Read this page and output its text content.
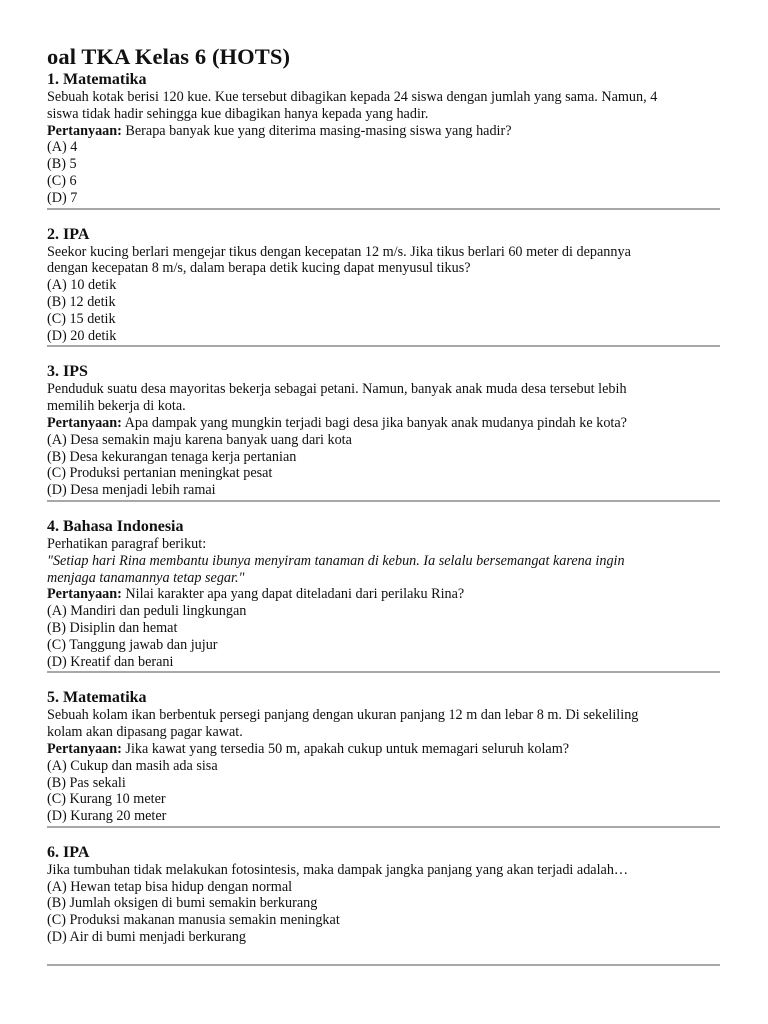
oal TKA Kelas 6 (HOTS)
1. Matematika

Sebuah kotak berisi 120 kue. Kue tersebut dibagikan kepada 24 siswa dengan jumlah yang sama. Namun, 4

siswa tidak hadir sehingga kue dibagikan hanya kepada yang hadir.

Pertanyaan: Berapa banyak kue yang diterima masing-masing siswa yang hadir?

(A) 4
(B) 5
(C) 6
(D) 7
2. IPA

Seekor kucing berlari mengejar tikus dengan kecepatan 12 m/s. Jika tikus berlari 60 meter di depannya

dengan kecepatan 8 m/s, dalam berapa detik kucing dapat menyusul tikus?

(A) 10 detik
(B) 12 detik
(C) 15 detik
(D) 20 detik
3. IPS

Penduduk suatu desa mayoritas bekerja sebagai petani. Namun, banyak anak muda desa tersebut lebih

memilih bekerja di kota.

Pertanyaan: Apa dampak yang mungkin terjadi bagi desa jika banyak anak mudanya pindah ke kota?

(A) Desa semakin maju karena banyak uang dari kota
(B) Desa kekurangan tenaga kerja pertanian
(C) Produksi pertanian meningkat pesat
(D) Desa menjadi lebih ramai
4. Bahasa Indonesia

Perhatikan paragraf berikut:

"Setiap hari Rina membantu ibunya menyiram tanaman di kebun. Ia selalu bersemangat karena ingin

menjaga tanamannya tetap segar."

Pertanyaan: Nilai karakter apa yang dapat diteladani dari perilaku Rina?

(A) Mandiri dan peduli lingkungan
(B) Disiplin dan hemat
(C) Tanggung jawab dan jujur
(D) Kreatif dan berani
5. Matematika

Sebuah kolam ikan berbentuk persegi panjang dengan ukuran panjang 12 m dan lebar 8 m. Di sekeliling

kolam akan dipasang pagar kawat.

Pertanyaan: Jika kawat yang tersedia 50 m, apakah cukup untuk memagari seluruh kolam?

(A) Cukup dan masih ada sisa
(B) Pas sekali
(C) Kurang 10 meter
(D) Kurang 20 meter
6. IPA

Jika tumbuhan tidak melakukan fotosintesis, maka dampak jangka panjang yang akan terjadi adalah…

(A) Hewan tetap bisa hidup dengan normal
(B) Jumlah oksigen di bumi semakin berkurang
(C) Produksi makanan manusia semakin meningkat
(D) Air di bumi menjadi berkurang
